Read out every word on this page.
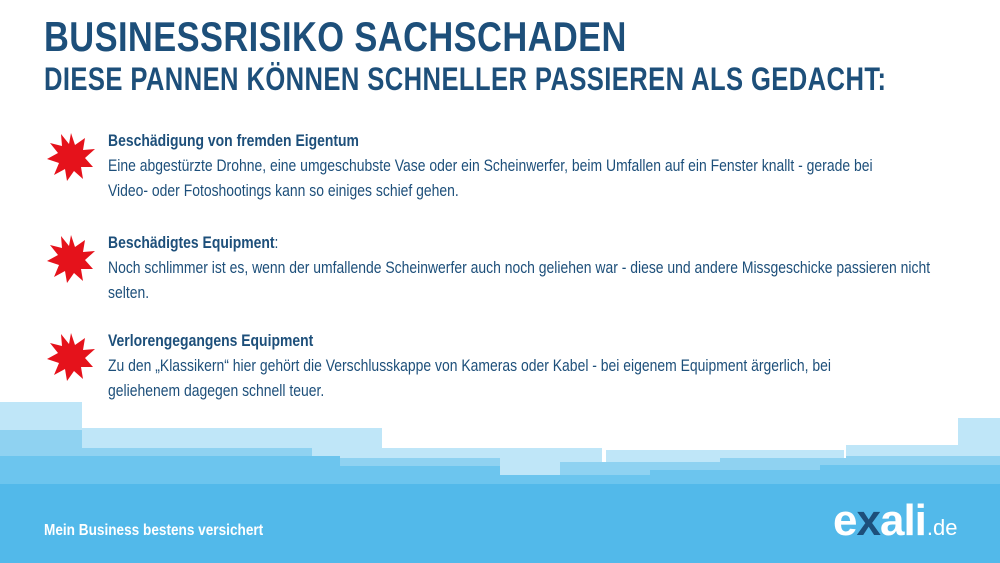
BUSINESSRISIKO SACHSCHADEN
DIESE PANNEN KÖNNEN SCHNELLER PASSIEREN ALS GEDACHT:
Beschädigung von fremden Eigentum
Eine abgestürzte Drohne, eine umgeschubste Vase oder ein Scheinwerfer, beim Umfallen auf ein Fenster knallt - gerade bei
Video- oder Fotoshootings kann so einiges schief gehen.
Beschädigtes Equipment:
Noch schlimmer ist es, wenn der umfallende Scheinwerfer auch noch geliehen war - diese und andere Missgeschicke passieren nicht
selten.
Verlorengegangens Equipment
Zu den „Klassikern“ hier gehört die Verschlusskappe von Kameras oder Kabel - bei eigenem Equipment ärgerlich, bei
geliehenem dagegen schnell teuer.
Mein Business bestens versichert	exali.de
